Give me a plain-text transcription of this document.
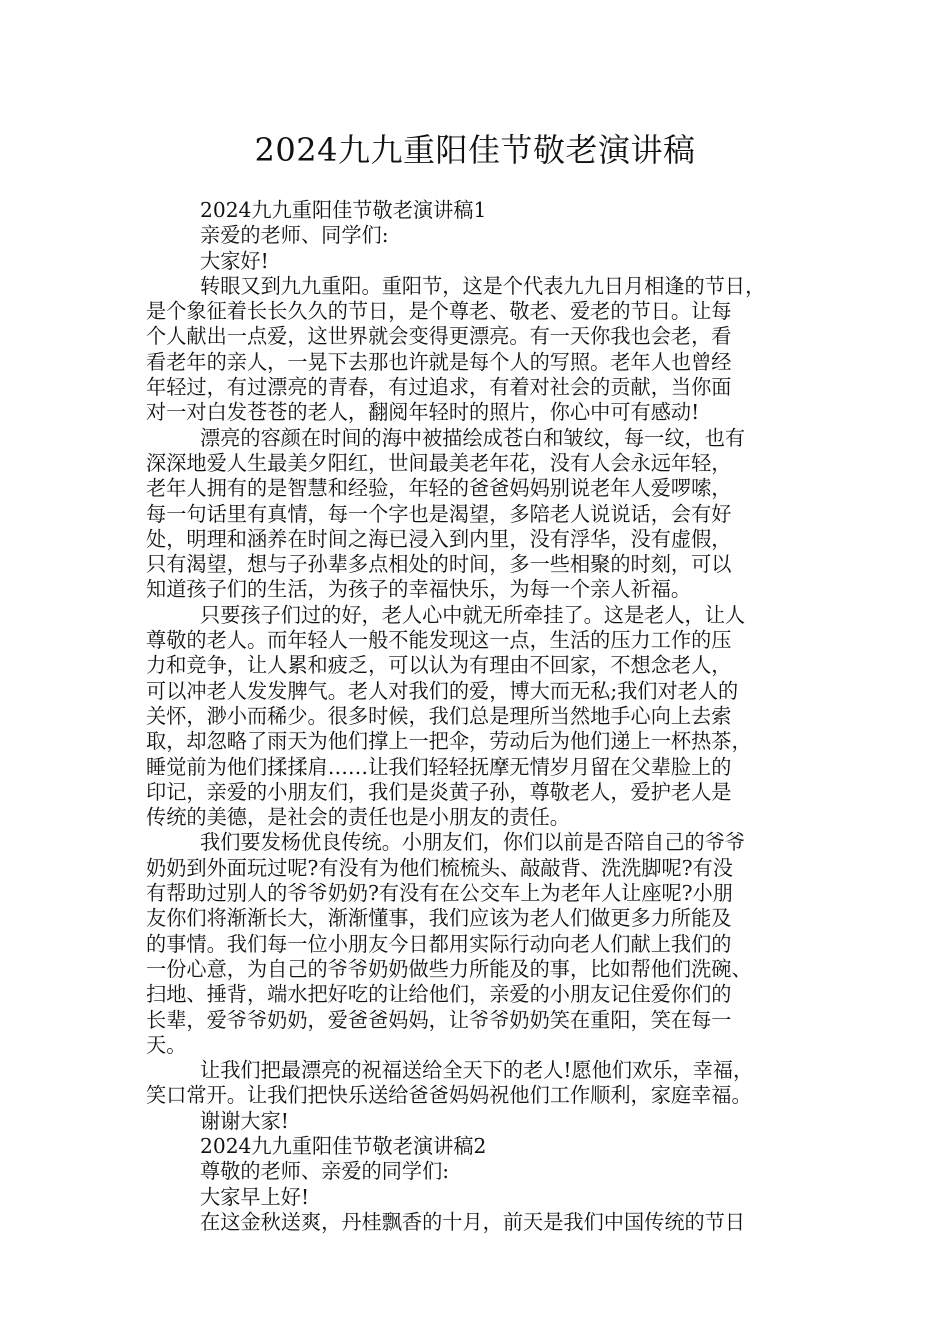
2024九九重阳佳节敬老演讲稿

2024九九重阳佳节敬老演讲稿1

亲爱的老师、同学们:

大家好!

转眼又到九九重阳。重阳节，这是个代表九九日月相逢的节日，

是个象征着长长久久的节日，是个尊老、敬老、爱老的节日。让每

个人献出一点爱，这世界就会变得更漂亮。有一天你我也会老，看

看老年的亲人，一晃下去那也许就是每个人的写照。老年人也曾经

年轻过，有过漂亮的青春，有过追求，有着对社会的贡献，当你面

对一对白发苍苍的老人，翻阅年轻时的照片，你心中可有感动!

漂亮的容颜在时间的海中被描绘成苍白和皱纹，每一纹，也有

深深地爱人生最美夕阳红，世间最美老年花，没有人会永远年轻，

老年人拥有的是智慧和经验，年轻的爸爸妈妈别说老年人爱啰嗦，

每一句话里有真情，每一个字也是渴望，多陪老人说说话，会有好

处，明理和涵养在时间之海已浸入到内里，没有浮华，没有虚假，

只有渴望，想与子孙辈多点相处的时间，多一些相聚的时刻，可以

知道孩子们的生活，为孩子的幸福快乐，为每一个亲人祈福。

只要孩子们过的好，老人心中就无所牵挂了。这是老人，让人

尊敬的老人。而年轻人一般不能发现这一点，生活的压力工作的压

力和竞争，让人累和疲乏，可以认为有理由不回家，不想念老人，

可以冲老人发发脾气。老人对我们的爱，博大而无私;我们对老人的

关怀，渺小而稀少。很多时候，我们总是理所当然地手心向上去索

取，却忽略了雨天为他们撑上一把伞，劳动后为他们递上一杯热茶，

睡觉前为他们揉揉肩……让我们轻轻抚摩无情岁月留在父辈脸上的

印记，亲爱的小朋友们，我们是炎黄子孙，尊敬老人，爱护老人是

传统的美德，是社会的责任也是小朋友的责任。

我们要发杨优良传统。小朋友们，你们以前是否陪自己的爷爷

奶奶到外面玩过呢?有没有为他们梳梳头、敲敲背、洗洗脚呢?有没

有帮助过别人的爷爷奶奶?有没有在公交车上为老年人让座呢?小朋

友你们将渐渐长大，渐渐懂事，我们应该为老人们做更多力所能及

的事情。我们每一位小朋友今日都用实际行动向老人们献上我们的

一份心意，为自己的爷爷奶奶做些力所能及的事，比如帮他们洗碗、

扫地、捶背，端水把好吃的让给他们，亲爱的小朋友记住爱你们的

长辈，爱爷爷奶奶，爱爸爸妈妈，让爷爷奶奶笑在重阳，笑在每一

天。

让我们把最漂亮的祝福送给全天下的老人!愿他们欢乐，幸福，

笑口常开。让我们把快乐送给爸爸妈妈祝他们工作顺利，家庭幸福。

谢谢大家!

2024九九重阳佳节敬老演讲稿2

尊敬的老师、亲爱的同学们:

大家早上好!

在这金秋送爽，丹桂飘香的十月，前天是我们中国传统的节日
